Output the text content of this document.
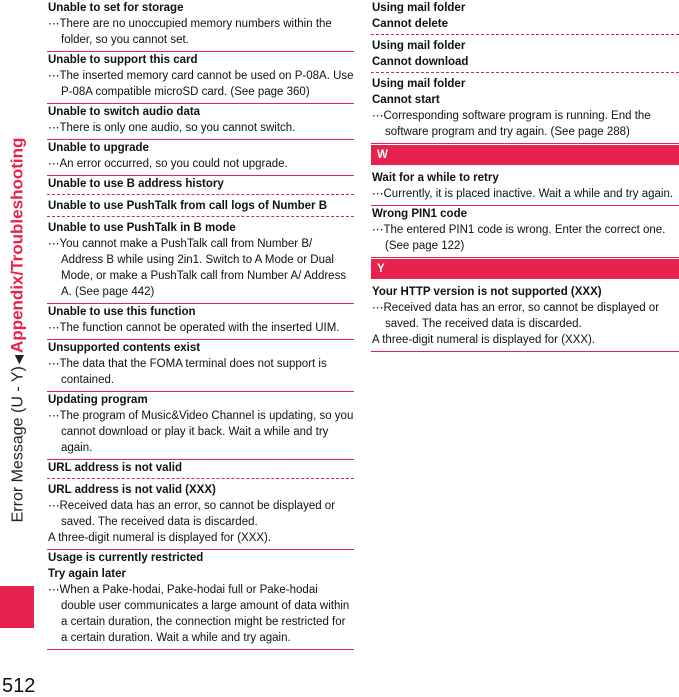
Error Message (U - Y)◀Appendix/Troubleshooting
512
Unable to set for storage
⋯There are no unoccupied memory numbers within the folder, so you cannot set.
Unable to support this card
⋯The inserted memory card cannot be used on P-08A. Use P-08A compatible microSD card. (See page 360)
Unable to switch audio data
⋯There is only one audio, so you cannot switch.
Unable to upgrade
⋯An error occurred, so you could not upgrade.
Unable to use B address history
Unable to use PushTalk from call logs of Number B
Unable to use PushTalk in B mode
⋯You cannot make a PushTalk call from Number B/ Address B while using 2in1. Switch to A Mode or Dual Mode, or make a PushTalk call from Number A/ Address A. (See page 442)
Unable to use this function
⋯The function cannot be operated with the inserted UIM.
Unsupported contents exist
⋯The data that the FOMA terminal does not support is contained.
Updating program
⋯The program of Music&Video Channel is updating, so you cannot download or play it back. Wait a while and try again.
URL address is not valid
URL address is not valid (XXX)
⋯Received data has an error, so cannot be displayed or saved. The received data is discarded.
A three-digit numeral is displayed for (XXX).
Usage is currently restricted
Try again later
⋯When a Pake-hodai, Pake-hodai full or Pake-hodai double user communicates a large amount of data within a certain duration, the connection might be restricted for a certain duration. Wait a while and try again.
Using mail folder
Cannot delete
Using mail folder
Cannot download
Using mail folder
Cannot start
⋯Corresponding software program is running. End the software program and try again. (See page 288)
W
Wait for a while to retry
⋯Currently, it is placed inactive. Wait a while and try again.
Wrong PIN1 code
⋯The entered PIN1 code is wrong. Enter the correct one. (See page 122)
Y
Your HTTP version is not supported (XXX)
⋯Received data has an error, so cannot be displayed or saved. The received data is discarded.
A three-digit numeral is displayed for (XXX).
